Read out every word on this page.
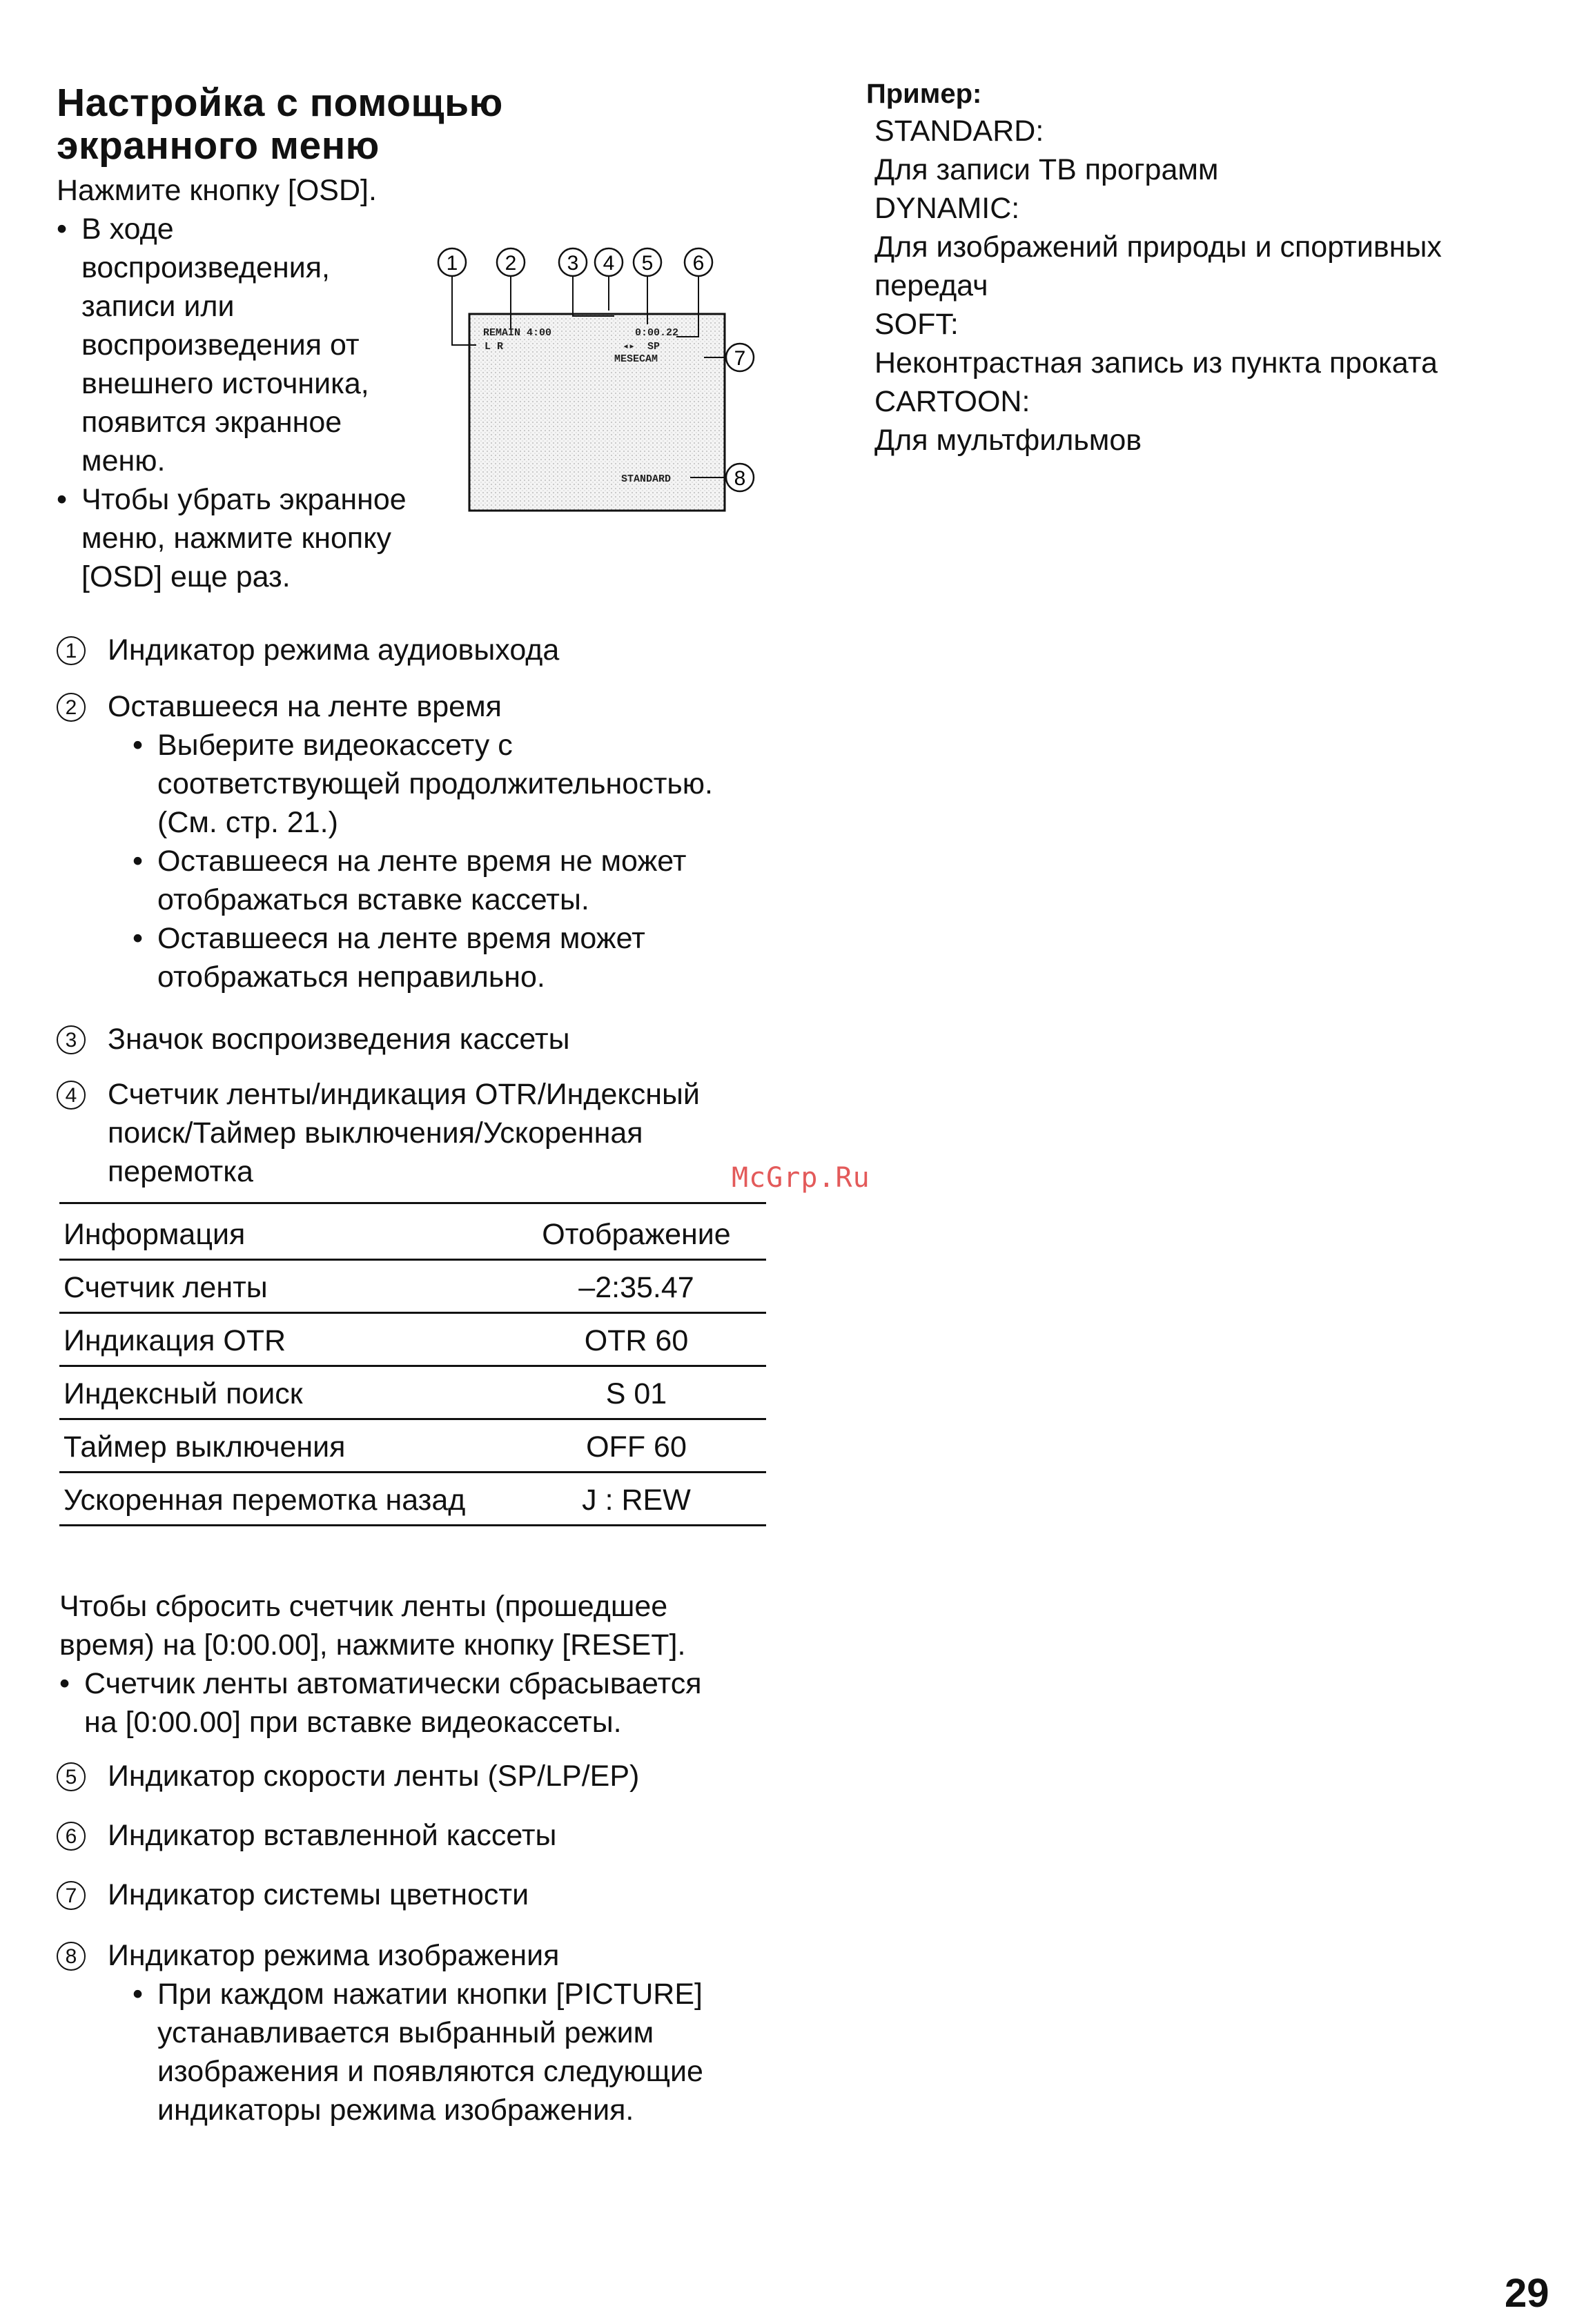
Настройка с помощью
экранного меню
Нажмите кнопку [OSD].
• В ходе
воспроизведения,
записи или
воспроизведения от
внешнего источника,
появится экранное
меню.
• Чтобы убрать экранное
меню, нажмите кнопку
[OSD] еще раз.
1 2 3 4 5 6
7
8
REMAIN 4:00
L R
0:00.22
◂▸ SP
MESECAM
STANDARD
1 Индикатор режима аудиовыхода
2 Оставшееся на ленте время
• Выберите видеокассету с
соответствующей продолжительностью.
(См. стр. 21.)
• Оставшееся на ленте время не может
отображаться вставке кассеты.
• Оставшееся на ленте время может
отображаться неправильно.
3 Значок воспроизведения кассеты
4 Счетчик ленты/индикация OTR/Индексный
поиск/Таймер выключения/Ускоренная
перемотка	McGrp.Ru
Информация	Отображение
Счетчик ленты	–2:35.47
Индикация OTR	OTR 60
Индексный поиск	S 01
Таймер выключения	OFF 60
Ускоренная перемотка назад	J : REW
Чтобы сбросить счетчик ленты (прошедшее
время) на [0:00.00], нажмите кнопку [RESET].
• Счетчик ленты автоматически сбрасывается
на [0:00.00] при вставке видеокассеты.
5 Индикатор скорости ленты (SP/LP/EP)
6 Индикатор вставленной кассеты
7 Индикатор системы цветности
8 Индикатор режима изображения
• При каждом нажатии кнопки [PICTURE]
устанавливается выбранный режим
изображения и появляются следующие
индикаторы режима изображения.
Пример:
STANDARD:
Для записи ТВ программ
DYNAMIC:
Для изображений природы и спортивных
передач
SOFT:
Неконтрастная запись из пункта проката
CARTOON:
Для мультфильмов
29
